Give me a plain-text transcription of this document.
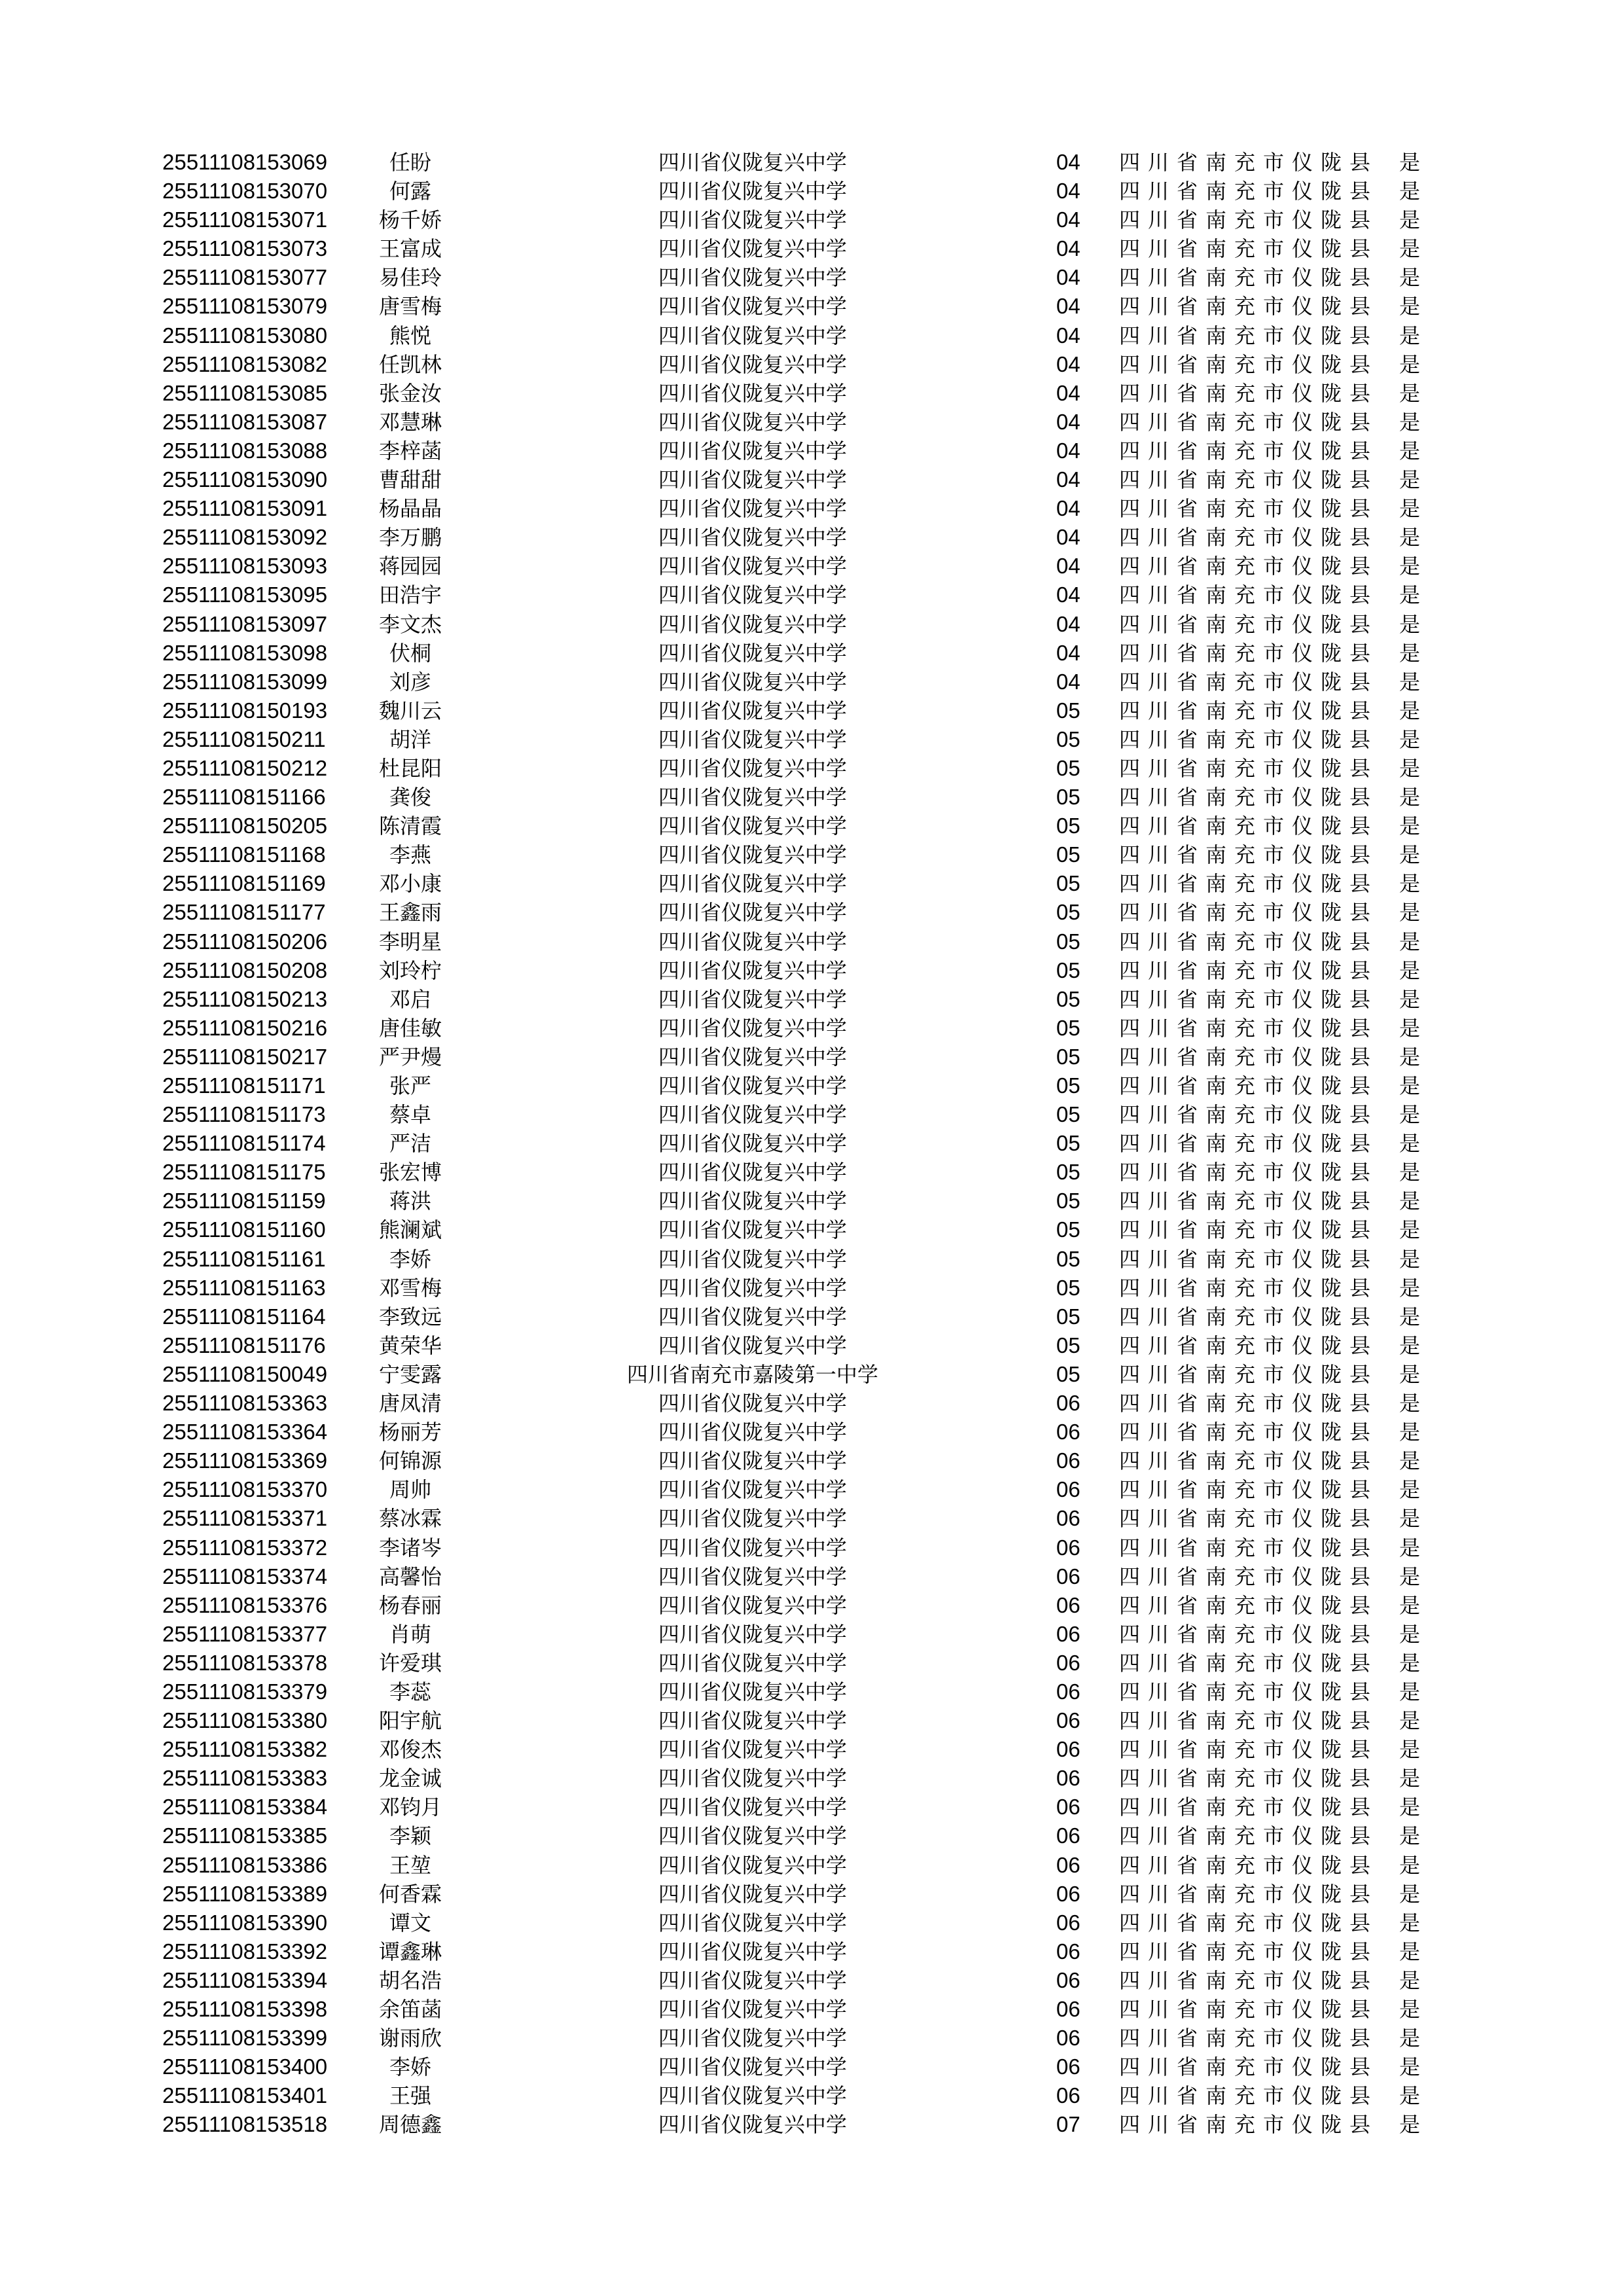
25511108153069	任盼	四川省仪陇复兴中学	04 四川省南充市仪陇县 是
25511108153070	何露	四川省仪陇复兴中学	04 四川省南充市仪陇县 是
25511108153071	杨千娇	四川省仪陇复兴中学	04 四川省南充市仪陇县 是
25511108153073	王富成	四川省仪陇复兴中学	04 四川省南充市仪陇县 是
25511108153077	易佳玲	四川省仪陇复兴中学	04 四川省南充市仪陇县 是
25511108153079	唐雪梅	四川省仪陇复兴中学	04 四川省南充市仪陇县 是
25511108153080	熊悦	四川省仪陇复兴中学	04 四川省南充市仪陇县 是
25511108153082	任凯林	四川省仪陇复兴中学	04 四川省南充市仪陇县 是
25511108153085	张金汝	四川省仪陇复兴中学	04 四川省南充市仪陇县 是
25511108153087	邓慧琳	四川省仪陇复兴中学	04 四川省南充市仪陇县 是
25511108153088	李梓菡	四川省仪陇复兴中学	04 四川省南充市仪陇县 是
25511108153090	曹甜甜	四川省仪陇复兴中学	04 四川省南充市仪陇县 是
25511108153091	杨晶晶	四川省仪陇复兴中学	04 四川省南充市仪陇县 是
25511108153092	李万鹏	四川省仪陇复兴中学	04 四川省南充市仪陇县 是
25511108153093	蒋园园	四川省仪陇复兴中学	04 四川省南充市仪陇县 是
25511108153095	田浩宇	四川省仪陇复兴中学	04 四川省南充市仪陇县 是
25511108153097	李文杰	四川省仪陇复兴中学	04 四川省南充市仪陇县 是
25511108153098	伏桐	四川省仪陇复兴中学	04 四川省南充市仪陇县 是
25511108153099	刘彦	四川省仪陇复兴中学	04 四川省南充市仪陇县 是
25511108150193	魏川云	四川省仪陇复兴中学	05 四川省南充市仪陇县 是
25511108150211	胡洋	四川省仪陇复兴中学	05 四川省南充市仪陇县 是
25511108150212	杜昆阳	四川省仪陇复兴中学	05 四川省南充市仪陇县 是
25511108151166	龚俊	四川省仪陇复兴中学	05 四川省南充市仪陇县 是
25511108150205	陈清霞	四川省仪陇复兴中学	05 四川省南充市仪陇县 是
25511108151168	李燕	四川省仪陇复兴中学	05 四川省南充市仪陇县 是
25511108151169	邓小康	四川省仪陇复兴中学	05 四川省南充市仪陇县 是
25511108151177	王鑫雨	四川省仪陇复兴中学	05 四川省南充市仪陇县 是
25511108150206	李明星	四川省仪陇复兴中学	05 四川省南充市仪陇县 是
25511108150208	刘玲柠	四川省仪陇复兴中学	05 四川省南充市仪陇县 是
25511108150213	邓启	四川省仪陇复兴中学	05 四川省南充市仪陇县 是
25511108150216	唐佳敏	四川省仪陇复兴中学	05 四川省南充市仪陇县 是
25511108150217	严尹熳	四川省仪陇复兴中学	05 四川省南充市仪陇县 是
25511108151171	张严	四川省仪陇复兴中学	05 四川省南充市仪陇县 是
25511108151173	蔡卓	四川省仪陇复兴中学	05 四川省南充市仪陇县 是
25511108151174	严洁	四川省仪陇复兴中学	05 四川省南充市仪陇县 是
25511108151175	张宏博	四川省仪陇复兴中学	05 四川省南充市仪陇县 是
25511108151159	蒋洪	四川省仪陇复兴中学	05 四川省南充市仪陇县 是
25511108151160	熊澜斌	四川省仪陇复兴中学	05 四川省南充市仪陇县 是
25511108151161	李娇	四川省仪陇复兴中学	05 四川省南充市仪陇县 是
25511108151163	邓雪梅	四川省仪陇复兴中学	05 四川省南充市仪陇县 是
25511108151164	李致远	四川省仪陇复兴中学	05 四川省南充市仪陇县 是
25511108151176	黄荣华	四川省仪陇复兴中学	05 四川省南充市仪陇县 是
25511108150049	宁雯露	四川省南充市嘉陵第一中学	05 四川省南充市仪陇县 是
25511108153363	唐凤清	四川省仪陇复兴中学	06 四川省南充市仪陇县 是
25511108153364	杨丽芳	四川省仪陇复兴中学	06 四川省南充市仪陇县 是
25511108153369	何锦源	四川省仪陇复兴中学	06 四川省南充市仪陇县 是
25511108153370	周帅	四川省仪陇复兴中学	06 四川省南充市仪陇县 是
25511108153371	蔡冰霖	四川省仪陇复兴中学	06 四川省南充市仪陇县 是
25511108153372	李诸岑	四川省仪陇复兴中学	06 四川省南充市仪陇县 是
25511108153374	高馨怡	四川省仪陇复兴中学	06 四川省南充市仪陇县 是
25511108153376	杨春丽	四川省仪陇复兴中学	06 四川省南充市仪陇县 是
25511108153377	肖萌	四川省仪陇复兴中学	06 四川省南充市仪陇县 是
25511108153378	许爱琪	四川省仪陇复兴中学	06 四川省南充市仪陇县 是
25511108153379	李蕊	四川省仪陇复兴中学	06 四川省南充市仪陇县 是
25511108153380	阳宇航	四川省仪陇复兴中学	06 四川省南充市仪陇县 是
25511108153382	邓俊杰	四川省仪陇复兴中学	06 四川省南充市仪陇县 是
25511108153383	龙金诚	四川省仪陇复兴中学	06 四川省南充市仪陇县 是
25511108153384	邓钧月	四川省仪陇复兴中学	06 四川省南充市仪陇县 是
25511108153385	李颖	四川省仪陇复兴中学	06 四川省南充市仪陇县 是
25511108153386	王堃	四川省仪陇复兴中学	06 四川省南充市仪陇县 是
25511108153389	何香霖	四川省仪陇复兴中学	06 四川省南充市仪陇县 是
25511108153390	谭文	四川省仪陇复兴中学	06 四川省南充市仪陇县 是
25511108153392	谭鑫琳	四川省仪陇复兴中学	06 四川省南充市仪陇县 是
25511108153394	胡名浩	四川省仪陇复兴中学	06 四川省南充市仪陇县 是
25511108153398	余笛菡	四川省仪陇复兴中学	06 四川省南充市仪陇县 是
25511108153399	谢雨欣	四川省仪陇复兴中学	06 四川省南充市仪陇县 是
25511108153400	李娇	四川省仪陇复兴中学	06 四川省南充市仪陇县 是
25511108153401	王强	四川省仪陇复兴中学	06 四川省南充市仪陇县 是
25511108153518	周德鑫	四川省仪陇复兴中学	07 四川省南充市仪陇县 是
